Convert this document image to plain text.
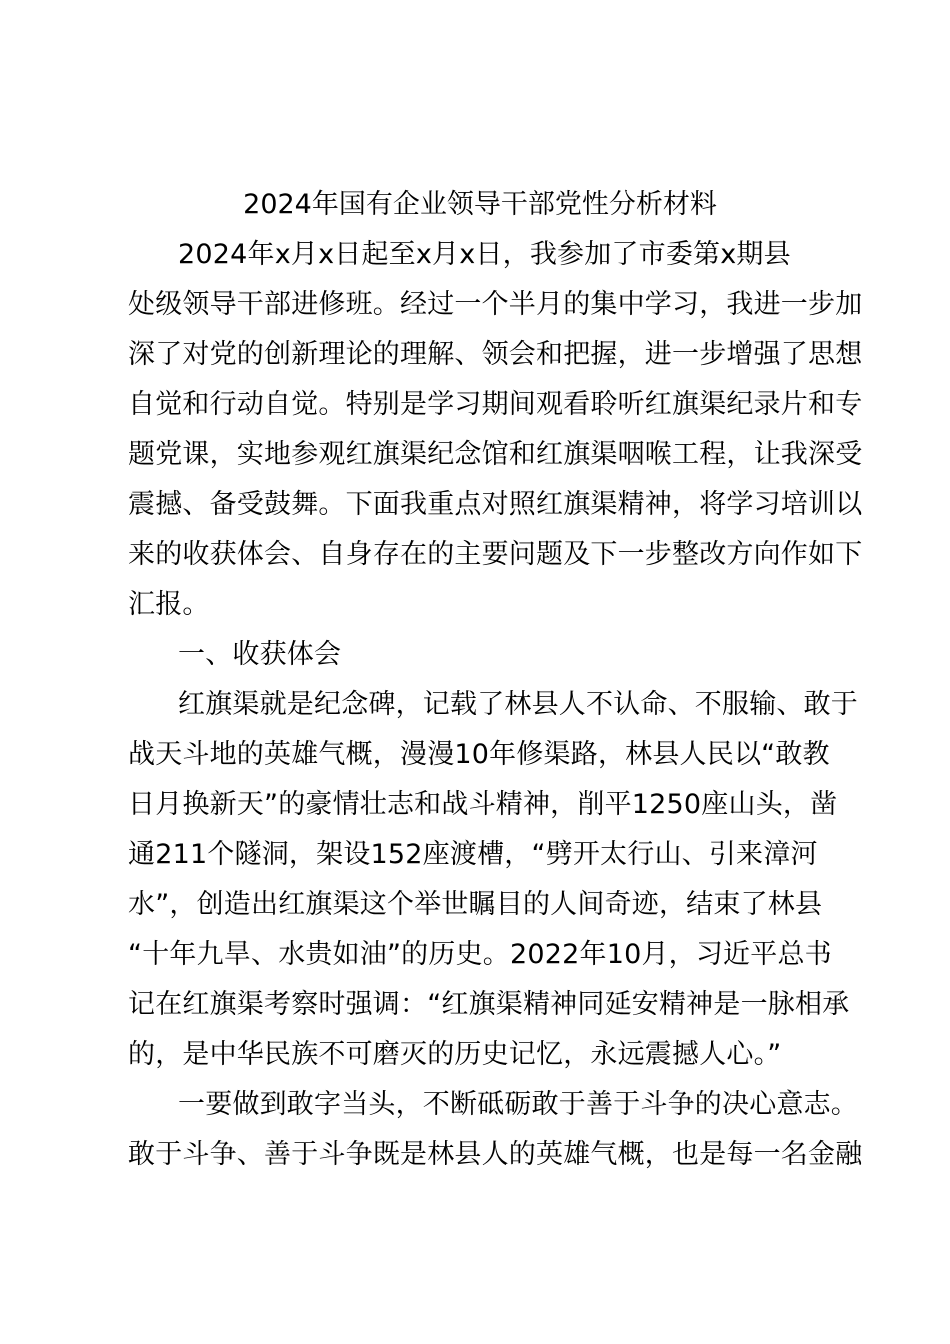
2024年国有企业领导干部党性分析材料
2024年x月x日起至x月x日，我参加了市委第x期县
处级领导干部进修班。经过一个半月的集中学习，我进一步加
深了对党的创新理论的理解、领会和把握，进一步增强了思想
自觉和行动自觉。特别是学习期间观看聆听红旗渠纪录片和专
题党课，实地参观红旗渠纪念馆和红旗渠咽喉工程，让我深受
震撼、备受鼓舞。下面我重点对照红旗渠精神，将学习培训以
来的收获体会、自身存在的主要问题及下一步整改方向作如下
汇报。
一、收获体会
红旗渠就是纪念碑，记载了林县人不认命、不服输、敢于
战天斗地的英雄气概，漫漫10年修渠路，林县人民以“敢教
日月换新天”的豪情壮志和战斗精神，削平1250座山头，凿
通211个隧洞，架设152座渡槽，“劈开太行山、引来漳河
水”，创造出红旗渠这个举世瞩目的人间奇迹，结束了林县
“十年九旱、水贵如油”的历史。2022年10月，习近平总书
记在红旗渠考察时强调：“红旗渠精神同延安精神是一脉相承
的，是中华民族不可磨灭的历史记忆，永远震撼人心。”
一要做到敢字当头，不断砥砺敢于善于斗争的决心意志。
敢于斗争、善于斗争既是林县人的英雄气概，也是每一名金融
